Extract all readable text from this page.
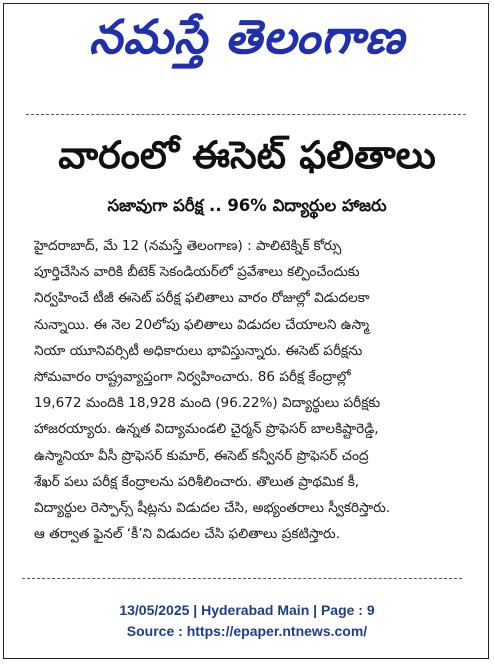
నమస్తే తెలంగాణ
వారంలో ఈసెట్‌ ఫలితాలు
సజావుగా పరీక్ష .. 96% విద్యార్థుల హాజరు
హైదరాబాద్‌, మే 12 (నమస్తే తెలంగాణ) : పాలిటెక్నిక్‌ కోర్సు
పూర్తిచేసిన వారికి బీటెక్‌ సెకండియర్‌లో ప్రవేశాలు కల్పించేందుకు
నిర్వహించే టీజీ ఈసెట్‌ పరీక్ష ఫలితాలు వారం రోజుల్లో విడుదలకా
నున్నాయి. ఈ నెల 20లోపు ఫలితాలు విడుదల చేయాలని ఉస్మా
నియా యూనివర్సిటీ అధికారులు భావిస్తున్నారు. ఈసెట్‌ పరీక్షను
సోమవారం రాష్ట్రవ్యాప్తంగా నిర్వహించారు. 86 పరీక్ష కేంద్రాల్లో
19,672 మందికి 18,928 మంది (96.22%) విద్యార్థులు పరీక్షకు
హాజరయ్యారు. ఉన్నత విద్యామండలి చైర్మన్‌ ప్రొఫెసర్‌ బాలకిష్టారెడ్డి,
ఉస్మానియా వీసీ ప్రొఫెసర్‌ కుమార్‌, ఈసెట్‌ కన్వీనర్‌ ప్రొఫెసర్‌ చంద్ర
శేఖర్‌ పలు పరీక్ష కేంద్రాలను పరిశీలించారు. తొలుత ప్రాథమిక కీ,
విద్యార్థుల రెస్పాన్స్‌ షీట్లను విడుదల చేసి, అభ్యంతరాలు స్వీకరిస్తారు.
ఆ తర్వాత ఫైనల్‌ ‘కీ’ని విడుదల చేసి ఫలితాలు ప్రకటిస్తారు.
13/05/2025 | Hyderabad Main | Page : 9
Source : https://epaper.ntnews.com/
